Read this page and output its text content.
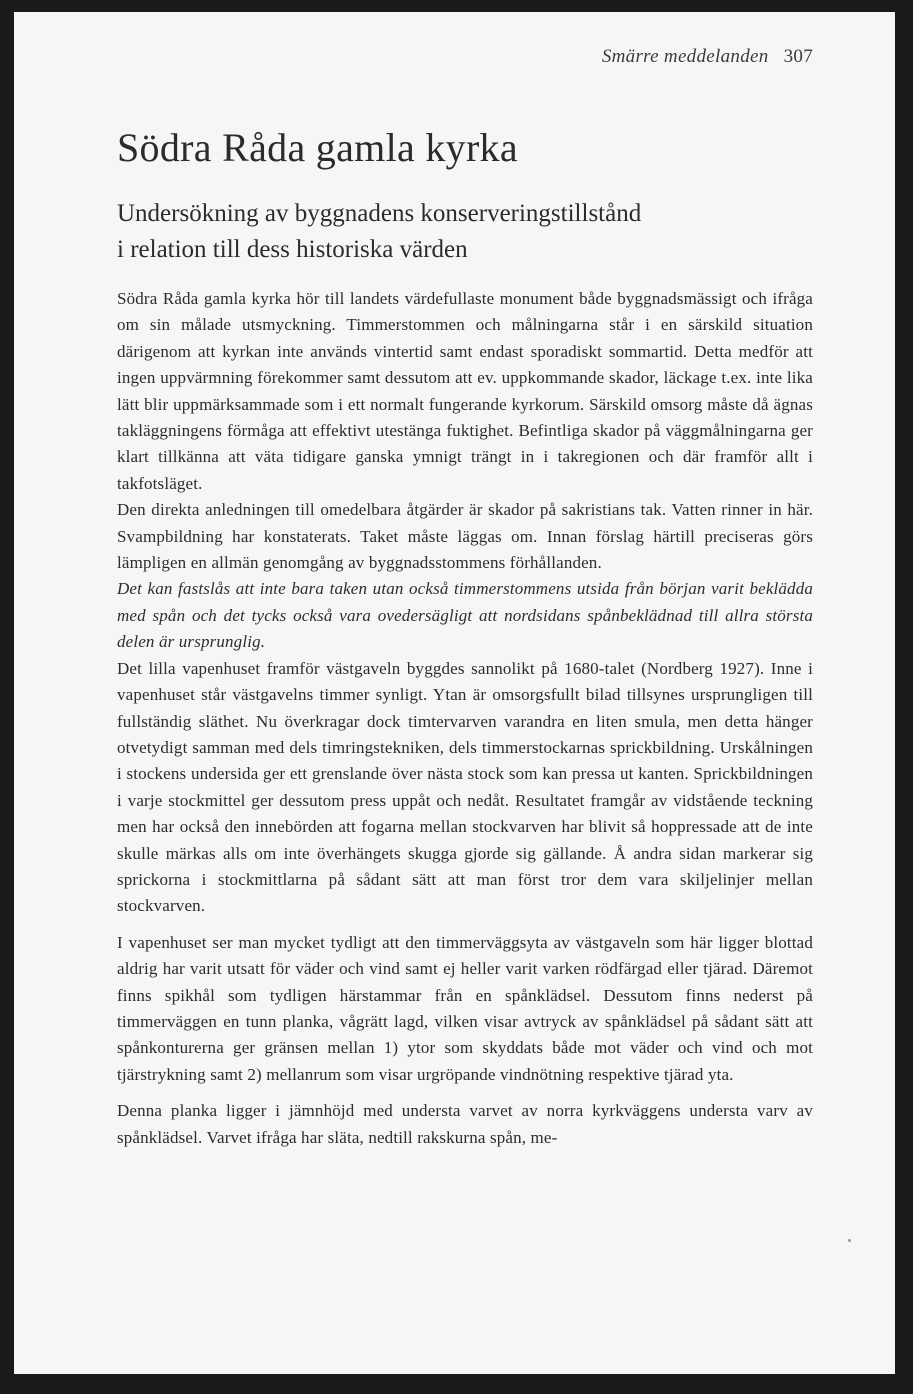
Smärre meddelanden 307
Södra Råda gamla kyrka
Undersökning av byggnadens konserveringstillstånd
i relation till dess historiska värden

Södra Råda gamla kyrka hör till landets värdefullaste monument både byggnadsmässigt och ifråga om sin målade utsmyckning. Timmerstommen och målningarna står i en särskild situation därigenom att kyrkan inte används vintertid samt endast sporadiskt sommartid. Detta medför att ingen uppvärmning förekommer samt dessutom att ev. uppkommande skador, läckage t.ex. inte lika lätt blir uppmärksammade som i ett normalt fungerande kyrkorum. Särskild omsorg måste då ägnas takläggningens förmåga att effektivt utestänga fuktighet. Befintliga skador på väggmålningarna ger klart tillkänna att väta tidigare ganska ymnigt trängt in i takregionen och där framför allt i takfotsläget.

Den direkta anledningen till omedelbara åtgärder är skador på sakristians tak. Vatten rinner in här. Svampbildning har konstaterats. Taket måste läggas om. Innan förslag härtill preciseras görs lämpligen en allmän genomgång av byggnadsstommens förhållanden.

Det kan fastslås att inte bara taken utan också timmerstommens utsida från början varit beklädda med spån och det tycks också vara ovedersägligt att nordsidans spånbeklädnad till allra största delen är ursprunglig.

Det lilla vapenhuset framför västgaveln byggdes sannolikt på 1680-talet (Nordberg 1927). Inne i vapenhuset står västgavelns timmer synligt. Ytan är omsorgsfullt bilad tillsynes ursprungligen till fullständig släthet. Nu överkragar dock timtervarven varandra en liten smula, men detta hänger otvetydigt samman med dels timringstekniken, dels timmerstockarnas sprickbildning. Urskålningen i stockens undersida ger ett grenslande över nästa stock som kan pressa ut kanten. Sprickbildningen i varje stockmittel ger dessutom press uppåt och nedåt. Resultatet framgår av vidstående teckning men har också den innebörden att fogarna mellan stockvarven har blivit så hoppressade att de inte skulle märkas alls om inte överhängets skugga gjorde sig gällande. Å andra sidan markerar sig sprickorna i stockmittlarna på sådant sätt att man först tror dem vara skiljelinjer mellan stockvarven.

I vapenhuset ser man mycket tydligt att den timmerväggsyta av västgaveln som här ligger blottad aldrig har varit utsatt för väder och vind samt ej heller varit varken rödfärgad eller tjärad. Däremot finns spikhål som tydligen härstammar från en spånklädsel. Dessutom finns nederst på timmerväggen en tunn planka, vågrätt lagd, vilken visar avtryck av spånklädsel på sådant sätt att spånkonturerna ger gränsen mellan 1) ytor som skyddats både mot väder och vind och mot tjärstrykning samt 2) mellanrum som visar urgröpande vindnötning respektive tjärad yta.

Denna planka ligger i jämnhöjd med understa varvet av norra kyrkväggens understa varv av spånklädsel. Varvet ifråga har släta, nedtill rakskurna spån, me-
